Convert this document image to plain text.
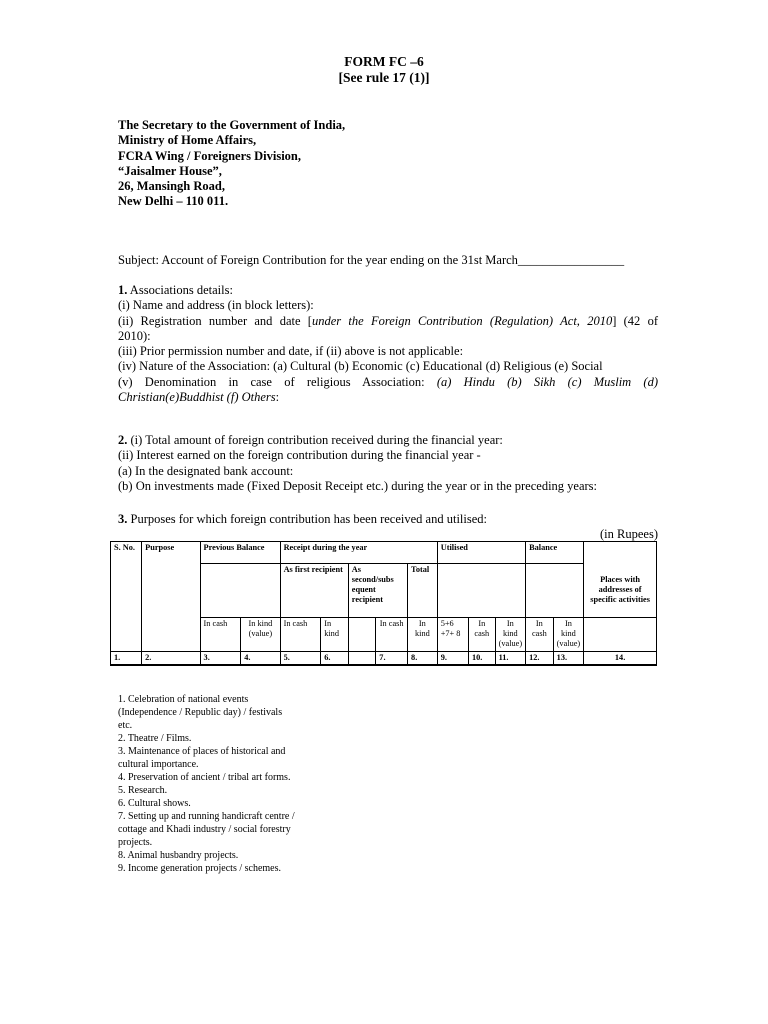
FORM FC –6
[See rule 17 (1)]
The Secretary to the Government of India,
Ministry of Home Affairs,
FCRA Wing / Foreigners Division,
“Jaisalmer House”,
26, Mansingh Road,
New Delhi – 110 011.
Subject: Account of Foreign Contribution for the year ending on the 31st March_________________
1. Associations details:
(i) Name and address (in block letters):
(ii) Registration number and date [under the Foreign Contribution (Regulation) Act, 2010] (42 of
2010):
(iii) Prior permission number and date, if (ii) above is not applicable:
(iv) Nature of the Association: (a) Cultural (b) Economic (c) Educational (d) Religious (e) Social
(v) Denomination in case of religious Association: (a) Hindu (b) Sikh (c) Muslim (d)
Christian(e)Buddhist (f) Others:
2. (i) Total amount of foreign contribution received during the financial year:
(ii) Interest earned on the foreign contribution during the financial year -
(a) In the designated bank account:
(b) On investments made (Fixed Deposit Receipt etc.) during the year or in the preceding years:
3. Purposes for which foreign contribution has been received and utilised:
(in Rupees)
S. No.	Purpose	Previous Balance		Receipt during the year					Utilised			Balance		
				As first recipient		As second/subs equent recipient		Total						Places with addresses of specific activities
		In cash	In kind (value)	In cash	In kind		In cash	In kind	5+6 +7+ 8	In cash	In kind (value)	In cash	In kind (value)	
1.	2.	3.	4.	5.	6.		7.	8.	9.	10.	11.	12.	13.	14.
1. Celebration of national events (Independence / Republic day) / festivals etc.
2. Theatre / Films.
3. Maintenance of places of historical and cultural importance.
4. Preservation of ancient / tribal art forms.
5. Research.
6. Cultural shows.
7. Setting up and running handicraft centre / cottage and Khadi industry / social forestry projects.
8. Animal husbandry projects.
9. Income generation projects / schemes.
